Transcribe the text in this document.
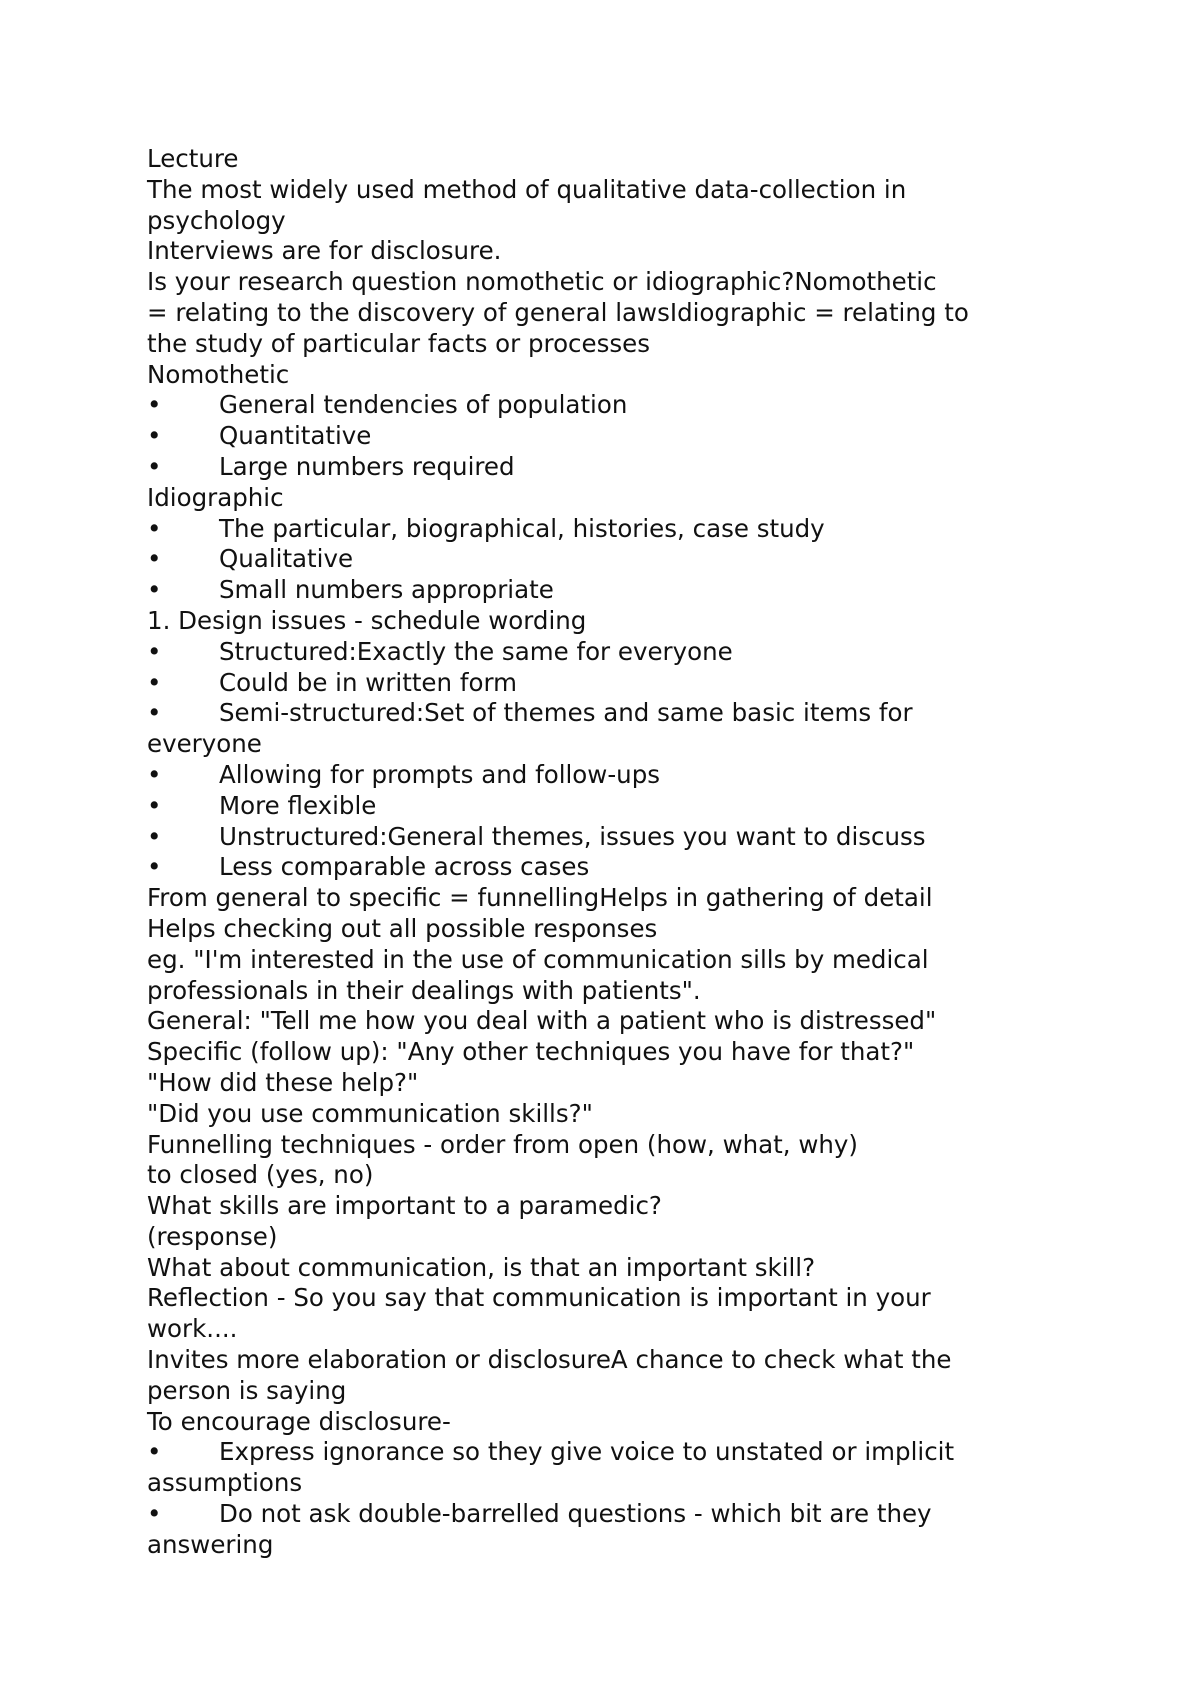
Lecture
The most widely used method of qualitative data-collection in
psychology
Interviews are for disclosure.
Is your research question nomothetic or idiographic?Nomothetic
= relating to the discovery of general lawsIdiographic = relating to
the study of particular facts or processes
Nomothetic
• General tendencies of population
• Quantitative
• Large numbers required
Idiographic
• The particular, biographical, histories, case study
• Qualitative
• Small numbers appropriate
1. Design issues - schedule wording
• Structured:Exactly the same for everyone
• Could be in written form
• Semi-structured:Set of themes and same basic items for
everyone
• Allowing for prompts and follow-ups
• More flexible
• Unstructured:General themes, issues you want to discuss
• Less comparable across cases
From general to specific = funnellingHelps in gathering of detail
Helps checking out all possible responses
eg. "I'm interested in the use of communication sills by medical
professionals in their dealings with patients".
General: "Tell me how you deal with a patient who is distressed"
Specific (follow up): "Any other techniques you have for that?"
"How did these help?"
"Did you use communication skills?"
Funnelling techniques - order from open (how, what, why)
to closed (yes, no)
What skills are important to a paramedic?
(response)
What about communication, is that an important skill?
Reflection - So you say that communication is important in your
work....
Invites more elaboration or disclosureA chance to check what the
person is saying
To encourage disclosure-
• Express ignorance so they give voice to unstated or implicit
assumptions
• Do not ask double-barrelled questions - which bit are they
answering
